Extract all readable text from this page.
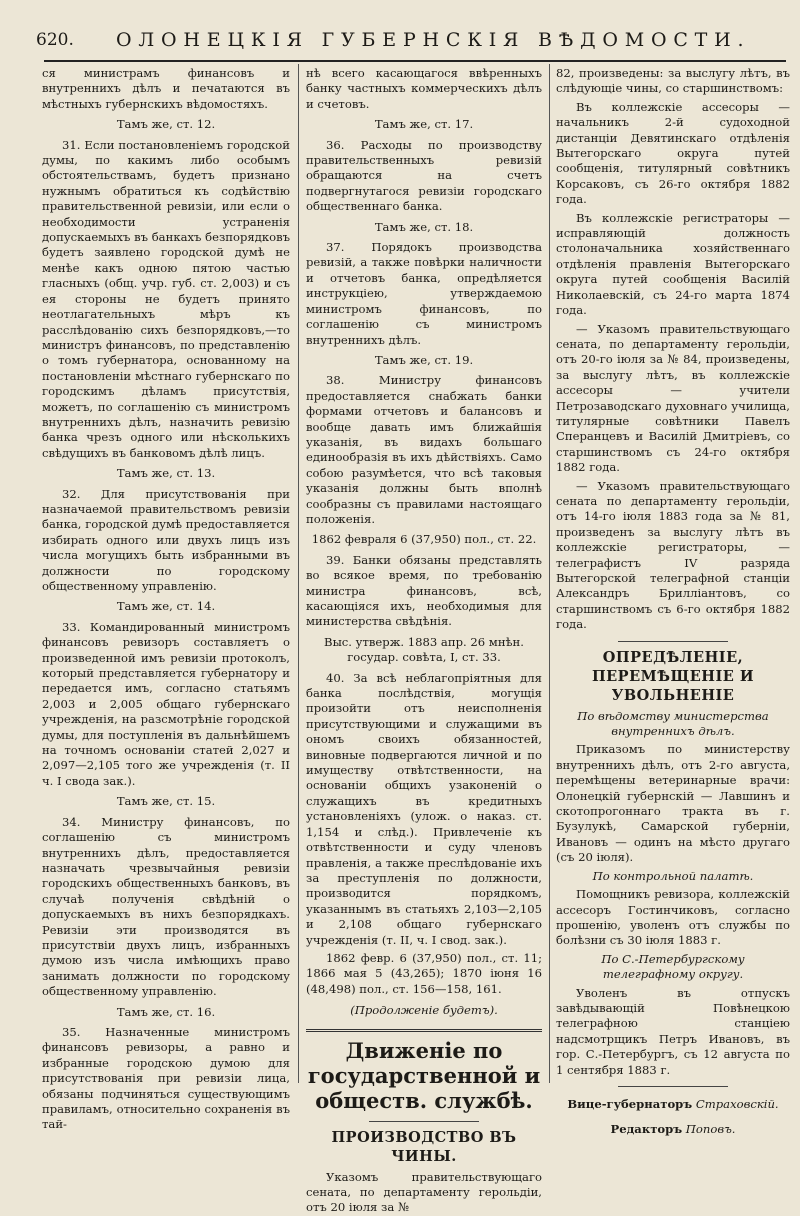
620.	ОЛОНЕЦКІЯ ГУБЕРНСКІЯ ВѢДОМОСТИ.

ся министрамъ финансовъ и внутреннихъ дѣлъ и печатаются въ мѣстныхъ губернскихъ вѣдомостяхъ.

Тамъ же, ст. 12.

31. Если постановленіемъ городской думы, по какимъ либо особымъ обстоятельствамъ, будетъ признано нужнымъ обратиться къ содѣйствію правительственной ревизіи, или если о необходимости устраненія допускаемыхъ въ банкахъ безпорядковъ будетъ заявлено городской думѣ не менѣе какъ одною пятою частью гласныхъ (общ. учр. губ. ст. 2,003) и съ ея стороны не будетъ принято неотлагательныхъ мѣръ къ расслѣдованію сихъ безпорядковъ,—то министръ финансовъ, по представленію о томъ губернатора, основанному на постановленіи мѣстнаго губернскаго по городскимъ дѣламъ присутствія, можетъ, по соглашенію съ министромъ внутреннихъ дѣлъ, назначить ревизію банка чрезъ одного или нѣсколькихъ свѣдущихъ въ банковомъ дѣлѣ лицъ.

Тамъ же, ст. 13.

32. Для присутствованія при назначаемой правительствомъ ревизіи банка, городской думѣ предоставляется избирать одного или двухъ лицъ изъ числа могущихъ быть избранными въ должности по городскому общественному управленію.

Тамъ же, ст. 14.

33. Командированный министромъ финансовъ ревизоръ составляетъ о произведенной имъ ревизіи протоколъ, который представляется губернатору и передается имъ, согласно статьямъ 2,003 и 2,005 общаго губернскаго учрежденія, на разсмотрѣніе городской думы, для поступленія въ дальнѣйшемъ на точномъ основаніи статей 2,027 и 2,097—2,105 того же учрежденія (т. II ч. I свода зак.).

Тамъ же, ст. 15.

34. Министру финансовъ, по соглашенію съ министромъ внутреннихъ дѣлъ, предоставляется назначать чрезвычайныя ревизіи городскихъ общественныхъ банковъ, въ случаѣ полученія свѣдѣній о допускаемыхъ въ нихъ безпорядкахъ. Ревизіи эти производятся въ присутствіи двухъ лицъ, избранныхъ думою изъ числа имѣющихъ право занимать должности по городскому общественному управленію.

Тамъ же, ст. 16.

35. Назначенные министромъ финансовъ ревизоры, а равно и избранные городскою думою для присутствованія при ревизіи лица, обязаны подчиняться существующимъ правиламъ, относительно сохраненія въ тай-

нѣ всего касающагося ввѣренныхъ банку частныхъ коммерческихъ дѣлъ и счетовъ.

Тамъ же, ст. 17.

36. Расходы по производству правительственныхъ ревизій обращаются на счетъ подвергнутагося ревизіи городскаго общественнаго банка.

Тамъ же, ст. 18.

37. Порядокъ производства ревизій, а также повѣрки наличности и отчетовъ банка, опредѣляется инструкціею, утверждаемою министромъ финансовъ, по соглашенію съ министромъ внутреннихъ дѣлъ.

Тамъ же, ст. 19.

38. Министру финансовъ предоставляется снабжать банки формами отчетовъ и балансовъ и вообще давать имъ ближайшія указанія, въ видахъ большаго единообразія въ ихъ дѣйствіяхъ. Само собою разумѣется, что всѣ таковыя указанія должны быть вполнѣ сообразны съ правилами настоящаго положенія.

1862 февраля 6 (37,950) пол., ст. 22.

39. Банки обязаны представлять во всякое время, по требованію министра финансовъ, всѣ, касающіяся ихъ, необходимыя для министерства свѣдѣнія.

Выс. утверж. 1883 апр. 26 мнѣн. государ. совѣта, I, ст. 33.

40. За всѣ неблагопріятныя для банка послѣдствія, могущія произойти отъ неисполненія присутствующими и служащими въ ономъ своихъ обязанностей, виновные подвергаются личной и по имуществу отвѣтственности, на основаніи общихъ узаконеній о служащихъ въ кредитныхъ установленіяхъ (улож. о наказ. ст. 1,154 и слѣд.). Привлеченіе къ отвѣтственности и суду членовъ правленія, а также преслѣдованіе ихъ за преступленія по должности, производится порядкомъ, указаннымъ въ статьяхъ 2,103—2,105 и 2,108 общаго губернскаго учрежденія (т. II, ч. I свод. зак.).

1862 февр. 6 (37,950) пол., ст. 11; 1866 мая 5 (43,265); 1870 іюня 16 (48,498) пол., ст. 156—158, 161.

(Продолженіе будетъ).

Движеніе по государственной и обществ. службѣ.
ПРОИЗВОДСТВО ВЪ ЧИНЫ.

Указомъ правительствующаго сената, по департаменту герольдіи, отъ 20 іюля за №

82, произведены: за выслугу лѣтъ, въ слѣдующіе чины, со старшинствомъ:

Въ коллежскіе ассесоры — начальникъ 2-й судоходной дистанціи Девятинскаго отдѣленія Вытегорскаго округа путей сообщенія, титулярный совѣтникъ Корсаковъ, съ 26-го октября 1882 года.

Въ коллежскіе регистраторы — исправляющій должность столоначальника хозяйственнаго отдѣленія правленія Вытегорскаго округа путей сообщенія Василій Николаевскій, съ 24-го марта 1874 года.

— Указомъ правительствующаго сената, по департаменту герольдіи, отъ 20-го іюля за № 84, произведены, за выслугу лѣтъ, въ коллежскіе ассесоры — учители Петрозаводскаго духовнаго училища, титулярные совѣтники Павелъ Сперанцевъ и Василій Дмитріевъ, со старшинствомъ съ 24-го октября 1882 года.

— Указомъ правительствующаго сената по департаменту герольдіи, отъ 14-го іюля 1883 года за № 81, произведенъ за выслугу лѣтъ въ коллежскіе регистраторы, — телеграфистъ IV разряда Вытегорской телеграфной станціи Александръ Брилліантовъ, со старшинствомъ съ 6-го октября 1882 года.

ОПРЕДѢЛЕНІЕ, ПЕРЕМѢЩЕНІЕ И УВОЛЬНЕНІЕ

По вѣдомству министерства внутреннихъ дѣлъ.

Приказомъ по министерству внутреннихъ дѣлъ, отъ 2-го августа, перемѣщены ветеринарные врачи: Олонецкій губернскій — Лавшинъ и скотопрогоннаго тракта въ г. Бузулукѣ, Самарской губерніи, Ивановъ — одинъ на мѣсто другаго (съ 20 іюля).

По контрольной палатѣ.

Помощникъ ревизора, коллежскій ассесоръ Гостинчиковъ, согласно прошенію, уволенъ отъ службы по болѣзни съ 30 іюля 1883 г.

По С.-Петербургскому телеграфному округу.

Уволенъ въ отпускъ завѣдывающій Повѣнецкою телеграфною станціею надсмотрщикъ Петръ Ивановъ, въ гор. С.-Петербургъ, съ 12 августа по 1 сентября 1883 г.

Вице-губернаторъ Страховскій.

Редакторъ Поповъ.
